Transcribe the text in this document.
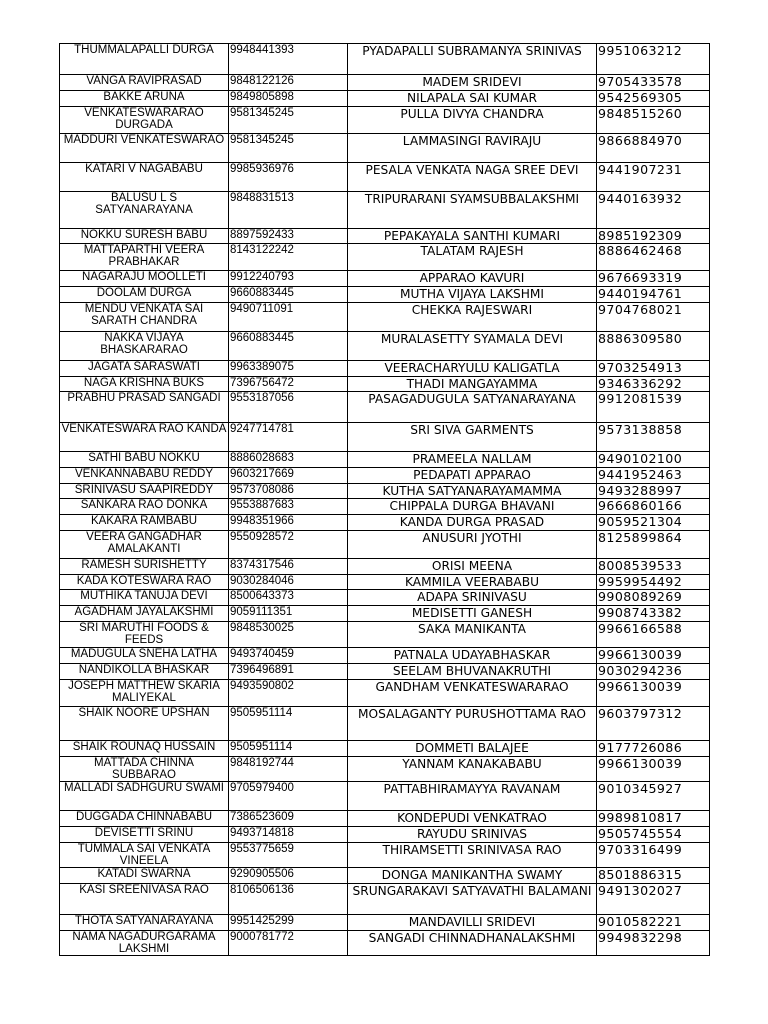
THUMMALAPALLI DURGA	9948441393	PYADAPALLI SUBRAMANYA SRINIVAS	9951063212
VANGA RAVIPRASAD	9848122126	MADEM SRIDEVI	9705433578
BAKKE ARUNA	9849805898	NILAPALA SAI KUMAR	9542569305
VENKATESWARARAO DURGADA	9581345245	PULLA DIVYA CHANDRA	9848515260
MADDURI VENKATESWARAO	9581345245	LAMMASINGI RAVIRAJU	9866884970
KATARI V NAGABABU	9985936976	PESALA VENKATA NAGA SREE DEVI	9441907231
BALUSU L S SATYANARAYANA	9848831513	TRIPURARANI SYAMSUBBALAKSHMI	9440163932
NOKKU SURESH BABU	8897592433	PEPAKAYALA SANTHI KUMARI	8985192309
MATTAPARTHI VEERA PRABHAKAR	8143122242	TALATAM RAJESH	8886462468
NAGARAJU MOOLLETI	9912240793	APPARAO KAVURI	9676693319
DOOLAM DURGA	9660883445	MUTHA VIJAYA LAKSHMI	9440194761
MENDU VENKATA SAI SARATH CHANDRA	9490711091	CHEKKA RAJESWARI	9704768021
NAKKA VIJAYA BHASKARARAO	9660883445	MURALASETTY SYAMALA DEVI	8886309580
JAGATA SARASWATI	9963389075	VEERACHARYULU KALIGATLA	9703254913
NAGA KRISHNA BUKS	7396756472	THADI MANGAYAMMA	9346336292
PRABHU PRASAD SANGADI	9553187056	PASAGADUGULA SATYANARAYANA	9912081539
VENKATESWARA RAO KANDA	9247714781	SRI SIVA GARMENTS	9573138858
SATHI BABU NOKKU	8886028683	PRAMEELA NALLAM	9490102100
VENKANNABABU REDDY	9603217669	PEDAPATI APPARAO	9441952463
SRINIVASU SAAPIREDDY	9573708086	KUTHA SATYANARAYAMAMMA	9493288997
SANKARA RAO DONKA	9553887683	CHIPPALA DURGA BHAVANI	9666860166
KAKARA RAMBABU	9948351966	KANDA DURGA PRASAD	9059521304
VEERA GANGADHAR AMALAKANTI	9550928572	ANUSURI JYOTHI	8125899864
RAMESH SURISHETTY	8374317546	ORISI MEENA	8008539533
KADA KOTESWARA RAO	9030284046	KAMMILA VEERABABU	9959954492
MUTHIKA TANUJA DEVI	8500643373	ADAPA SRINIVASU	9908089269
AGADHAM JAYALAKSHMI	9059111351	MEDISETTI GANESH	9908743382
SRI MARUTHI FOODS & FEEDS	9848530025	SAKA MANIKANTA	9966166588
MADUGULA SNEHA LATHA	9493740459	PATNALA UDAYABHASKAR	9966130039
NANDIKOLLA BHASKAR	7396496891	SEELAM BHUVANAKRUTHI	9030294236
JOSEPH MATTHEW SKARIA MALIYEKAL	9493590802	GANDHAM VENKATESWARARAO	9966130039
SHAIK NOORE UPSHAN	9505951114	MOSALAGANTY PURUSHOTTAMA RAO	9603797312
SHAIK ROUNAQ HUSSAIN	9505951114	DOMMETI BALAJEE	9177726086
MATTADA CHINNA SUBBARAO	9848192744	YANNAM KANAKABABU	9966130039
MALLADI SADHGURU SWAMI	9705979400	PATTABHIRAMAYYA RAVANAM	9010345927
DUGGADA CHINNABABU	7386523609	KONDEPUDI VENKATRAO	9989810817
DEVISETTI SRINU	9493714818	RAYUDU SRINIVAS	9505745554
TUMMALA SAI VENKATA VINEELA	9553775659	THIRAMSETTI SRINIVASA RAO	9703316499
KATADI SWARNA	9290905506	DONGA MANIKANTHA SWAMY	8501886315
KASI SREENIVASA RAO	8106506136	SRUNGARAKAVI SATYAVATHI BALAMANI	9491302027
THOTA SATYANARAYANA	9951425299	MANDAVILLI SRIDEVI	9010582221
NAMA NAGADURGARAMA LAKSHMI	9000781772	SANGADI CHINNADHANALAKSHMI	9949832298
